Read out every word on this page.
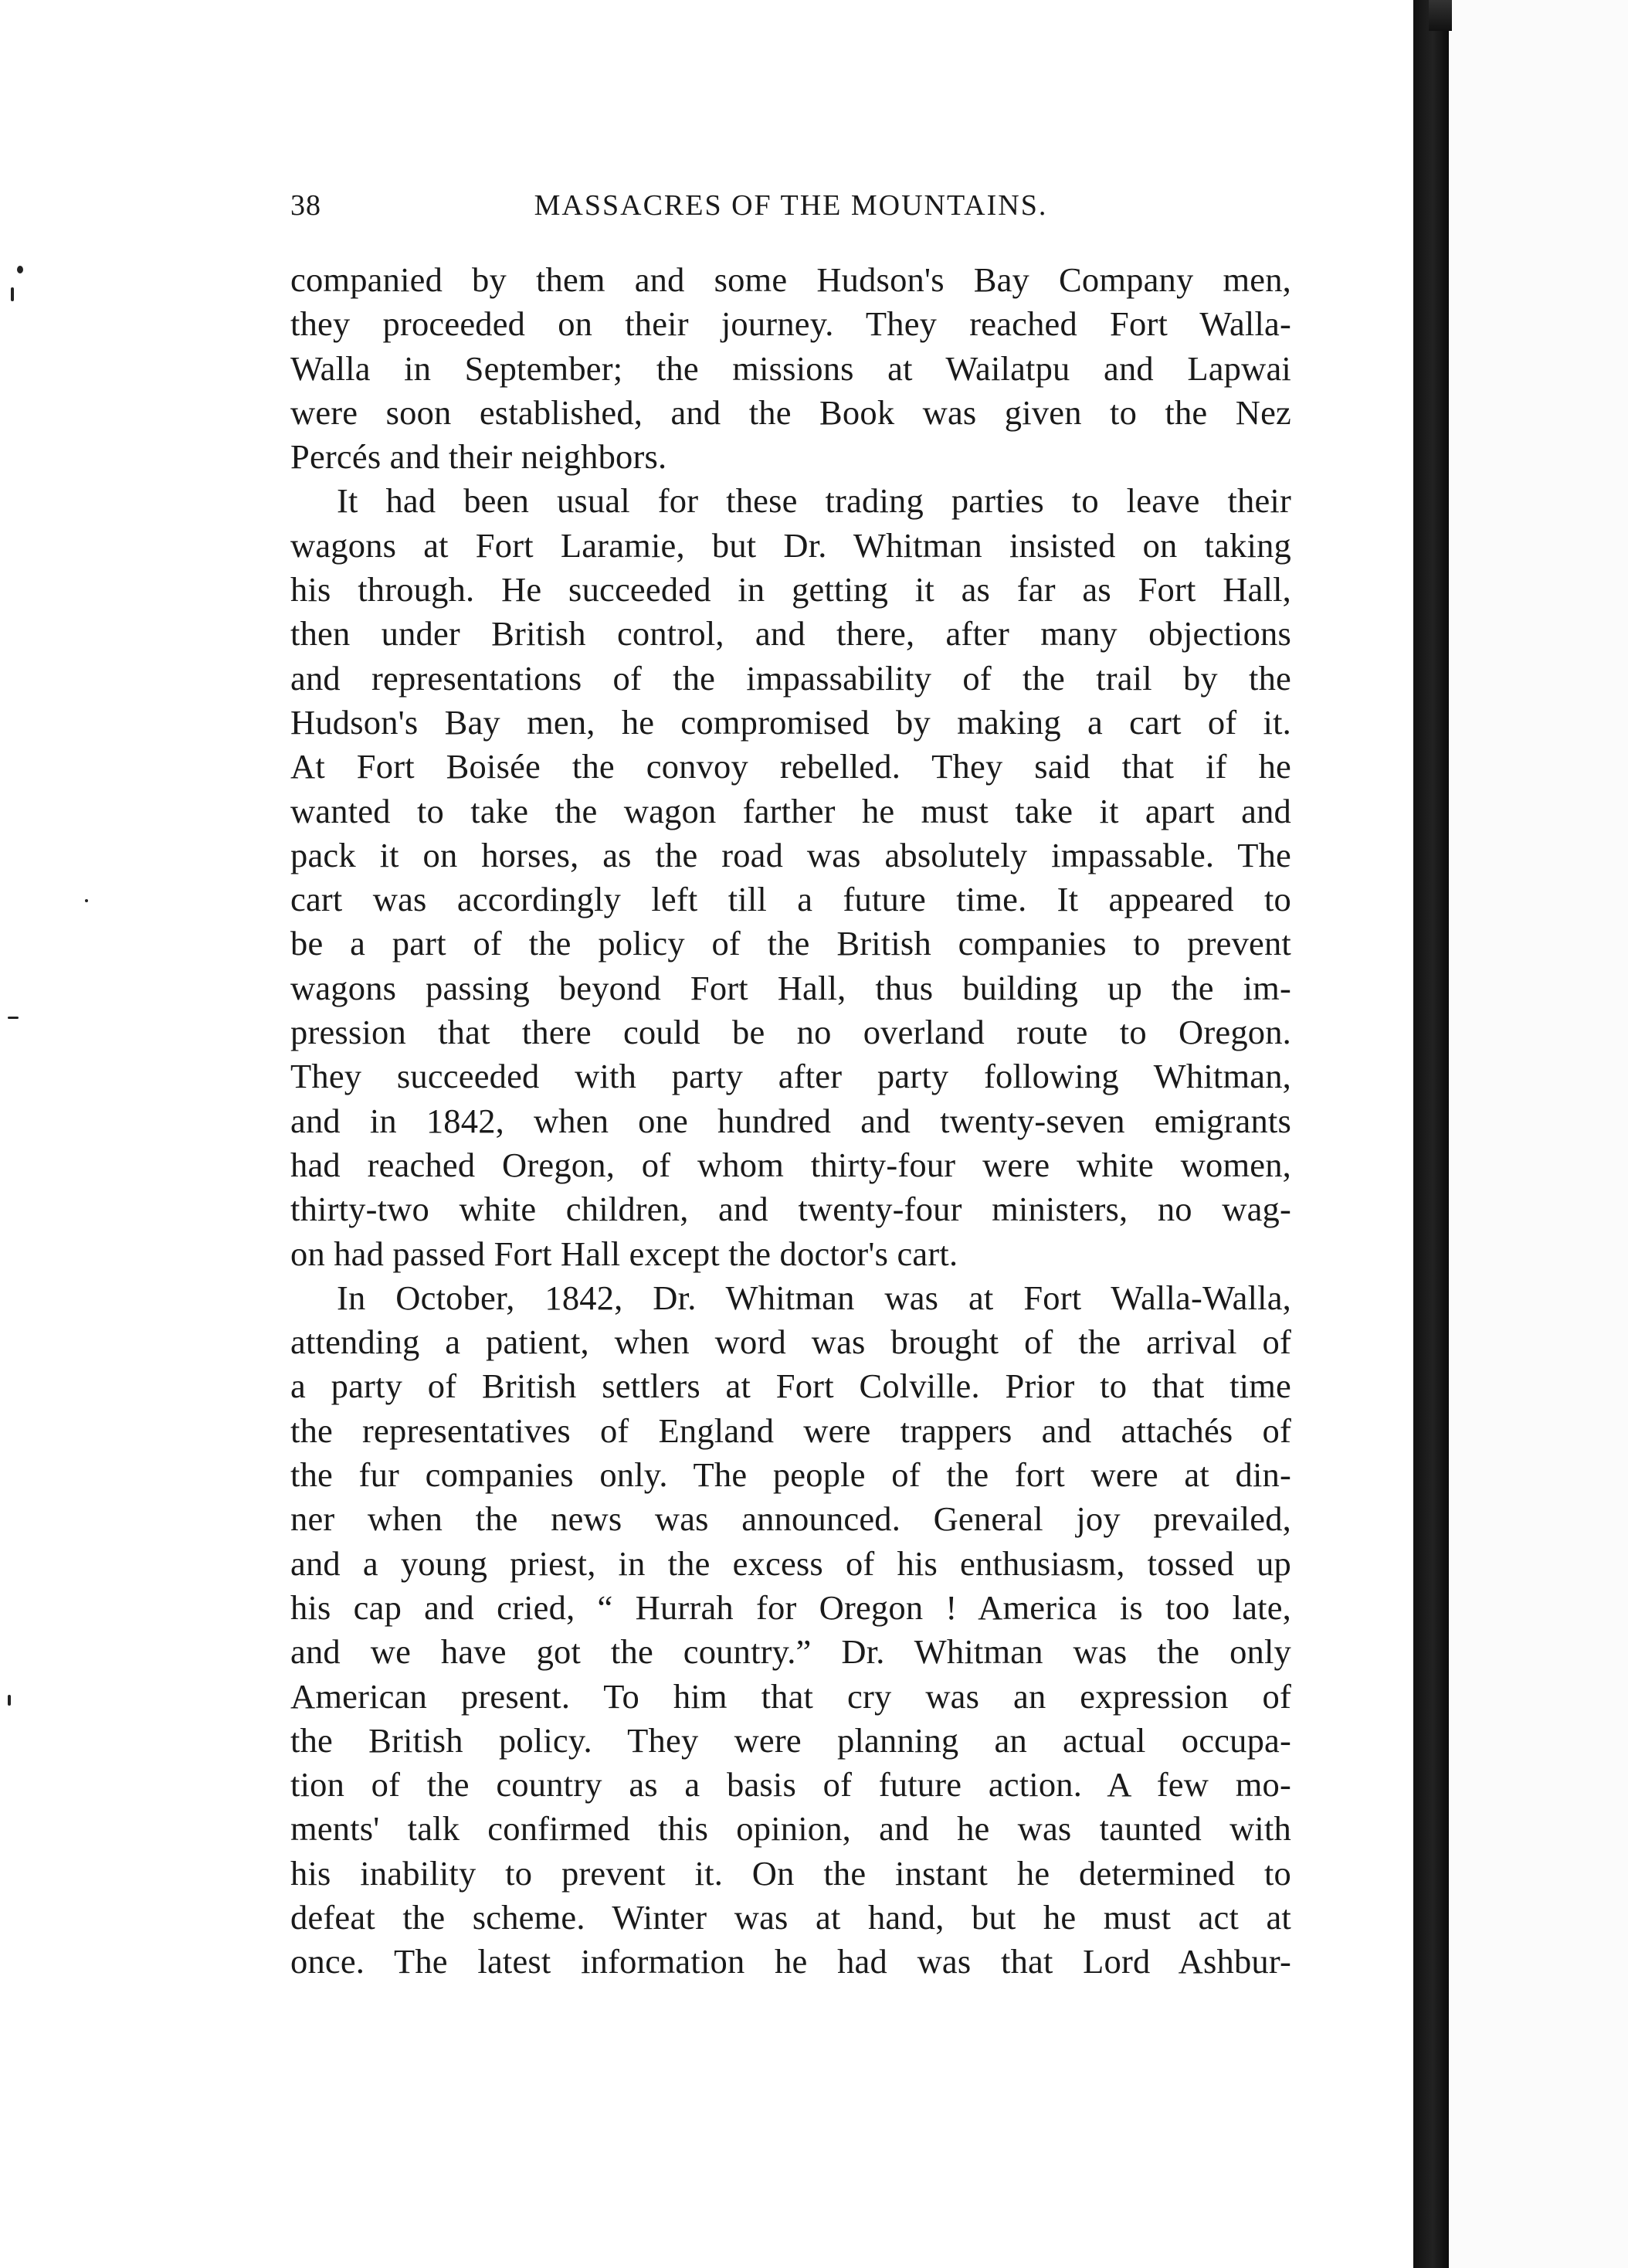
38	MASSACRES OF THE MOUNTAINS.
companied by them and some Hudson's Bay Company men,
they proceeded on their journey. They reached Fort Walla-
Walla in September; the missions at Wailatpu and Lapwai
were soon established, and the Book was given to the Nez
Percés and their neighbors.
It had been usual for these trading parties to leave their
wagons at Fort Laramie, but Dr. Whitman insisted on taking
his through. He succeeded in getting it as far as Fort Hall,
then under British control, and there, after many objections
and representations of the impassability of the trail by the
Hudson's Bay men, he compromised by making a cart of it.
At Fort Boisée the convoy rebelled. They said that if he
wanted to take the wagon farther he must take it apart and
pack it on horses, as the road was absolutely impassable. The
cart was accordingly left till a future time. It appeared to
be a part of the policy of the British companies to prevent
wagons passing beyond Fort Hall, thus building up the im-
pression that there could be no overland route to Oregon.
They succeeded with party after party following Whitman,
and in 1842, when one hundred and twenty-seven emigrants
had reached Oregon, of whom thirty-four were white women,
thirty-two white children, and twenty-four ministers, no wag-
on had passed Fort Hall except the doctor's cart.
In October, 1842, Dr. Whitman was at Fort Walla-Walla,
attending a patient, when word was brought of the arrival of
a party of British settlers at Fort Colville. Prior to that time
the representatives of England were trappers and attachés of
the fur companies only. The people of the fort were at din-
ner when the news was announced. General joy prevailed,
and a young priest, in the excess of his enthusiasm, tossed up
his cap and cried, “ Hurrah for Oregon ! America is too late,
and we have got the country.” Dr. Whitman was the only
American present. To him that cry was an expression of
the British policy. They were planning an actual occupa-
tion of the country as a basis of future action. A few mo-
ments' talk confirmed this opinion, and he was taunted with
his inability to prevent it. On the instant he determined to
defeat the scheme. Winter was at hand, but he must act at
once. The latest information he had was that Lord Ashbur-
